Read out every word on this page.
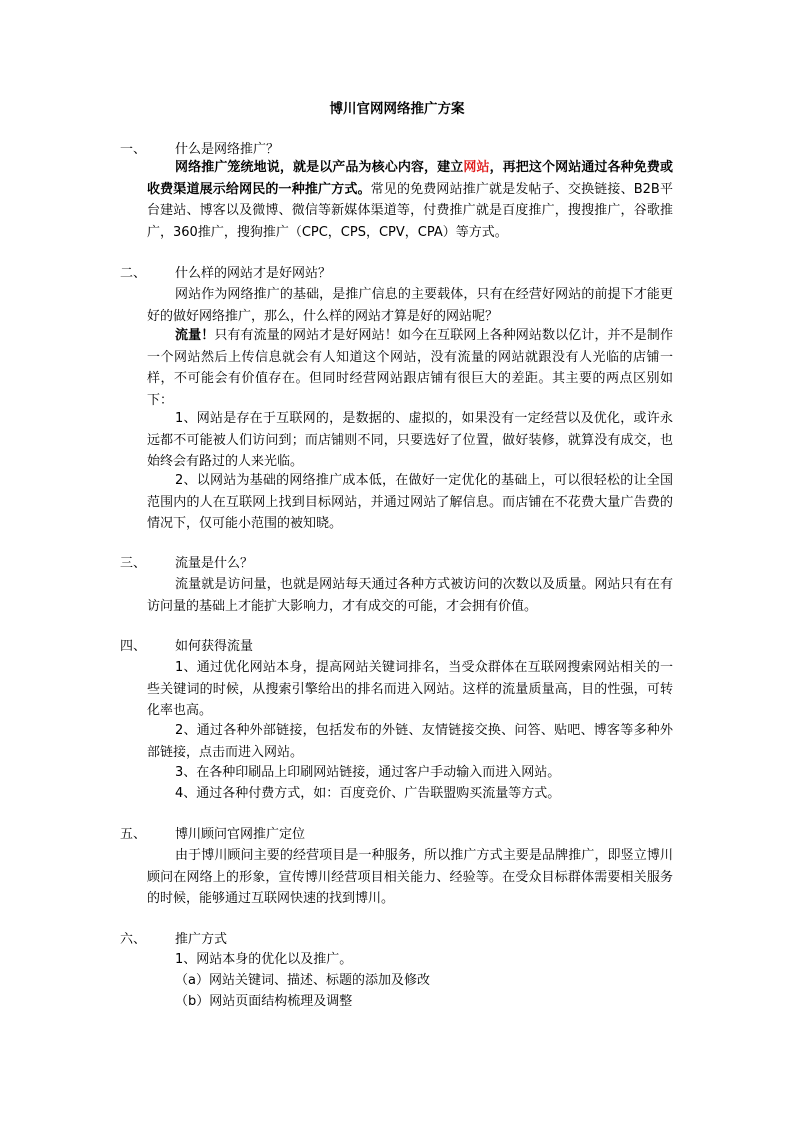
博川官网网络推广方案
一、 什么是网络推广？
网络推广笼统地说，就是以产品为核心内容，建立网站，再把这个网站通过各种免费或收费渠道展示给网民的一种推广方式。常见的免费网站推广就是发帖子、交换链接、B2B平台建站、博客以及微博、微信等新媒体渠道等，付费推广就是百度推广，搜搜推广，谷歌推广，360推广，搜狗推广（CPC，CPS，CPV，CPA）等方式。
二、 什么样的网站才是好网站？
网站作为网络推广的基础，是推广信息的主要载体，只有在经营好网站的前提下才能更好的做好网络推广，那么，什么样的网站才算是好的网站呢？
流量！只有有流量的网站才是好网站！如今在互联网上各种网站数以亿计，并不是制作一个网站然后上传信息就会有人知道这个网站，没有流量的网站就跟没有人光临的店铺一样，不可能会有价值存在。但同时经营网站跟店铺有很巨大的差距。其主要的两点区别如下：
1、网站是存在于互联网的，是数据的、虚拟的，如果没有一定经营以及优化，或许永远都不可能被人们访问到；而店铺则不同，只要选好了位置，做好装修，就算没有成交，也始终会有路过的人来光临。
2、以网站为基础的网络推广成本低，在做好一定优化的基础上，可以很轻松的让全国范围内的人在互联网上找到目标网站，并通过网站了解信息。而店铺在不花费大量广告费的情况下，仅可能小范围的被知晓。
三、 流量是什么？
流量就是访问量，也就是网站每天通过各种方式被访问的次数以及质量。网站只有在有访问量的基础上才能扩大影响力，才有成交的可能，才会拥有价值。
四、 如何获得流量
1、通过优化网站本身，提高网站关键词排名，当受众群体在互联网搜索网站相关的一些关键词的时候，从搜索引擎给出的排名而进入网站。这样的流量质量高，目的性强，可转化率也高。
2、通过各种外部链接，包括发布的外链、友情链接交换、问答、贴吧、博客等多种外部链接，点击而进入网站。
3、在各种印刷品上印刷网站链接，通过客户手动输入而进入网站。
4、通过各种付费方式，如：百度竞价、广告联盟购买流量等方式。
五、 博川顾问官网推广定位
由于博川顾问主要的经营项目是一种服务，所以推广方式主要是品牌推广，即竖立博川顾问在网络上的形象，宣传博川经营项目相关能力、经验等。在受众目标群体需要相关服务的时候，能够通过互联网快速的找到博川。
六、 推广方式
1、网站本身的优化以及推广。
（a）网站关键词、描述、标题的添加及修改
（b）网站页面结构梳理及调整
